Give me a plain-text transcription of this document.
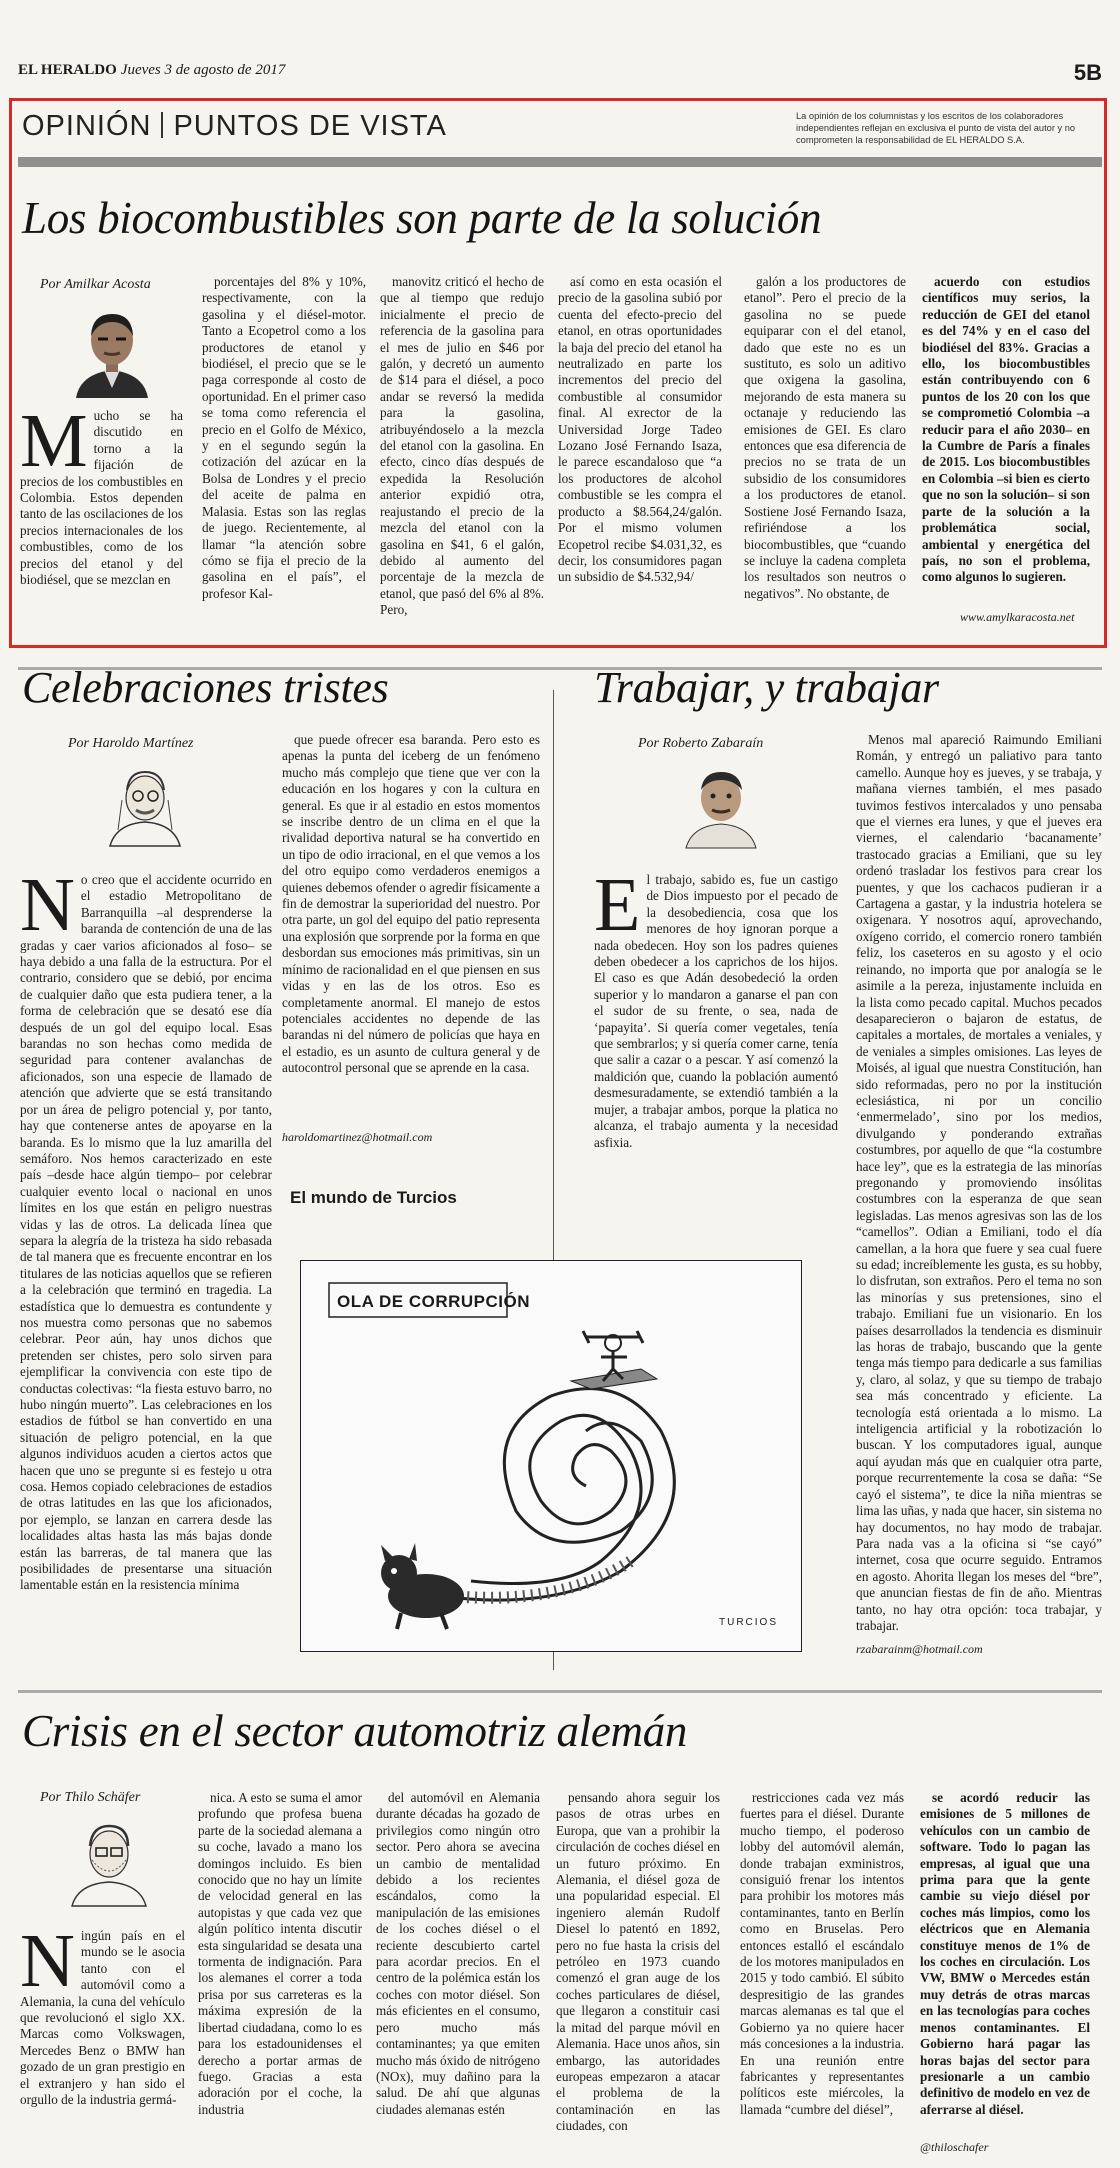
EL HERALDO Jueves 3 de agosto de 2017	5B
OPINIÓN PUNTOS DE VISTA	La opinión de los columnistas y los escritos de los colaboradores independientes reflejan en exclusiva el punto de vista del autor y no comprometen la responsabilidad de EL HERALDO S.A.
Los biocombustibles son parte de la solución
Por Amilkar Acosta

Mucho se ha discutido en torno a la fijación de precios de los combustibles en Colombia. Estos dependen tanto de las oscilaciones de los precios internacionales de los combustibles, como de los precios del etanol y del biodiésel, que se mezclan en

porcentajes del 8% y 10%, respectivamente, con la gasolina y el diésel-motor. Tanto a Ecopetrol como a los productores de etanol y biodiésel, el precio que se le paga corresponde al costo de oportunidad. En el primer caso se toma como referencia el precio en el Golfo de México, y en el segundo según la cotización del azúcar en la Bolsa de Londres y el precio del aceite de palma en Malasia. Estas son las reglas de juego. Recientemente, al llamar “la atención sobre cómo se fija el precio de la gasolina en el país”, el profesor Kal-

manovitz criticó el hecho de que al tiempo que redujo inicialmente el precio de referencia de la gasolina para el mes de julio en $46 por galón, y decretó un aumento de $14 para el diésel, a poco andar se reversó la medida para la gasolina, atribuyéndoselo a la mezcla del etanol con la gasolina. En efecto, cinco días después de expedida la Resolución anterior expidió otra, reajustando el precio de la mezcla del etanol con la gasolina en $41, 6 el galón, debido al aumento del porcentaje de la mezcla de etanol, que pasó del 6% al 8%. Pero,

así como en esta ocasión el precio de la gasolina subió por cuenta del efecto-precio del etanol, en otras oportunidades la baja del precio del etanol ha neutralizado en parte los incrementos del precio del combustible al consumidor final. Al exrector de la Universidad Jorge Tadeo Lozano José Fernando Isaza, le parece escandaloso que “a los productores de alcohol combustible se les compra el producto a $8.564,24/galón. Por el mismo volumen Ecopetrol recibe $4.031,32, es decir, los consumidores pagan un subsidio de $4.532,94/

galón a los productores de etanol”. Pero el precio de la gasolina no se puede equiparar con el del etanol, dado que este no es un sustituto, es solo un aditivo que oxigena la gasolina, mejorando de esta manera su octanaje y reduciendo las emisiones de GEI. Es claro entonces que esa diferencia de precios no se trata de un subsidio de los consumidores a los productores de etanol. Sostiene José Fernando Isaza, refiriéndose a los biocombustibles, que “cuando se incluye la cadena completa los resultados son neutros o negativos”. No obstante, de

acuerdo con estudios científicos muy serios, la reducción de GEI del etanol es del 74% y en el caso del biodiésel del 83%. Gracias a ello, los biocombustibles están contribuyendo con 6 puntos de los 20 con los que se comprometió Colombia –a reducir para el año 2030– en la Cumbre de París a finales de 2015. Los biocombustibles en Colombia –si bien es cierto que no son la solución– si son parte de la solución a la problemática social, ambiental y energética del país, no son el problema, como algunos lo sugieren.

www.amylkaracosta.net
Celebraciones tristes
Por Haroldo Martínez

No creo que el accidente ocurrido en el estadio Metropolitano de Barranquilla –al desprenderse la baranda de contención de una de las gradas y caer varios aficionados al foso– se haya debido a una falla de la estructura. Por el contrario, considero que se debió, por encima de cualquier daño que esta pudiera tener, a la forma de celebración que se desató ese día después de un gol del equipo local. Esas barandas no son hechas como medida de seguridad para contener avalanchas de aficionados, son una especie de llamado de atención que advierte que se está transitando por un área de peligro potencial y, por tanto, hay que contenerse antes de apoyarse en la baranda. Es lo mismo que la luz amarilla del semáforo. Nos hemos caracterizado en este país –desde hace algún tiempo– por celebrar cualquier evento local o nacional en unos límites en los que están en peligro nuestras vidas y las de otros. La delicada línea que separa la alegría de la tristeza ha sido rebasada de tal manera que es frecuente encontrar en los titulares de las noticias aquellos que se refieren a la celebración que terminó en tragedia. La estadística que lo demuestra es contundente y nos muestra como personas que no sabemos celebrar. Peor aún, hay unos dichos que pretenden ser chistes, pero solo sirven para ejemplificar la convivencia con este tipo de conductas colectivas: “la fiesta estuvo barro, no hubo ningún muerto”. Las celebraciones en los estadios de fútbol se han convertido en una situación de peligro potencial, en la que algunos individuos acuden a ciertos actos que hacen que uno se pregunte si es festejo u otra cosa. Hemos copiado celebraciones de estadios de otras latitudes en las que los aficionados, por ejemplo, se lanzan en carrera desde las localidades altas hasta las más bajas donde están las barreras, de tal manera que las posibilidades de presentarse una situación lamentable están en la resistencia mínima

que puede ofrecer esa baranda. Pero esto es apenas la punta del iceberg de un fenómeno mucho más complejo que tiene que ver con la educación en los hogares y con la cultura en general. Es que ir al estadio en estos momentos se inscribe dentro de un clima en el que la rivalidad deportiva natural se ha convertido en un tipo de odio irracional, en el que vemos a los del otro equipo como verdaderos enemigos a quienes debemos ofender o agredir físicamente a fin de demostrar la superioridad del nuestro. Por otra parte, un gol del equipo del patio representa una explosión que sorprende por la forma en que desbordan sus emociones más primitivas, sin un mínimo de racionalidad en el que piensen en sus vidas y en las de los otros. Eso es completamente anormal. El manejo de estos potenciales accidentes no depende de las barandas ni del número de policías que haya en el estadio, es un asunto de cultura general y de autocontrol personal que se aprende en la casa.

haroldomartinez@hotmail.com
El mundo de Turcios
OLA DE CORRUPCIÓN
TURCIOS
Trabajar, y trabajar
Por Roberto Zabaraín

El trabajo, sabido es, fue un castigo de Dios impuesto por el pecado de la desobediencia, cosa que los menores de hoy ignoran porque a nada obedecen. Hoy son los padres quienes deben obedecer a los caprichos de los hijos. El caso es que Adán desobedeció la orden superior y lo mandaron a ganarse el pan con el sudor de su frente, o sea, nada de ‘papayita’. Si quería comer vegetales, tenía que sembrarlos; y si quería comer carne, tenía que salir a cazar o a pescar. Y así comenzó la maldición que, cuando la población aumentó desmesuradamente, se extendió también a la mujer, a trabajar ambos, porque la platica no alcanza, el trabajo aumenta y la necesidad asfixia.

Menos mal apareció Raimundo Emiliani Román, y entregó un paliativo para tanto camello. Aunque hoy es jueves, y se trabaja, y mañana viernes también, el mes pasado tuvimos festivos intercalados y uno pensaba que el viernes era lunes, y que el jueves era viernes, el calendario ‘bacanamente’ trastocado gracias a Emiliani, que su ley ordenó trasladar los festivos para crear los puentes, y que los cachacos pudieran ir a Cartagena a gastar, y la industria hotelera se oxigenara. Y nosotros aquí, aprovechando, oxígeno corrido, el comercio ronero también feliz, los caseteros en su agosto y el ocio reinando, no importa que por analogía se le asimile a la pereza, injustamente incluida en la lista como pecado capital. Muchos pecados desaparecieron o bajaron de estatus, de capitales a mortales, de mortales a veniales, y de veniales a simples omisiones. Las leyes de Moisés, al igual que nuestra Constitución, han sido reformadas, pero no por la institución eclesiástica, ni por un concilio ‘enmermelado’, sino por los medios, divulgando y ponderando extrañas costumbres, por aquello de que “la costumbre hace ley”, que es la estrategia de las minorías pregonando y promoviendo insólitas costumbres con la esperanza de que sean legisladas. Las menos agresivas son las de los “camellos”. Odian a Emiliani, todo el día camellan, a la hora que fuere y sea cual fuere su edad; increíblemente les gusta, es su hobby, lo disfrutan, son extraños. Pero el tema no son las minorías y sus pretensiones, sino el trabajo. Emiliani fue un visionario. En los países desarrollados la tendencia es disminuir las horas de trabajo, buscando que la gente tenga más tiempo para dedicarle a sus familias y, claro, al solaz, y que su tiempo de trabajo sea más concentrado y eficiente. La tecnología está orientada a lo mismo. La inteligencia artificial y la robotización lo buscan. Y los computadores igual, aunque aquí ayudan más que en cualquier otra parte, porque recurrentemente la cosa se daña: “Se cayó el sistema”, te dice la niña mientras se lima las uñas, y nada que hacer, sin sistema no hay documentos, no hay modo de trabajar. Para nada vas a la oficina si “se cayó” internet, cosa que ocurre seguido. Entramos en agosto. Ahorita llegan los meses del “bre”, que anuncian fiestas de fin de año. Mientras tanto, no hay otra opción: toca trabajar, y trabajar.

rzabarainm@hotmail.com
Crisis en el sector automotriz alemán
Por Thilo Schäfer

Ningún país en el mundo se le asocia tanto con el automóvil como a Alemania, la cuna del vehículo que revolucionó el siglo XX. Marcas como Volkswagen, Mercedes Benz o BMW han gozado de un gran prestigio en el extranjero y han sido el orgullo de la industria germá-

nica. A esto se suma el amor profundo que profesa buena parte de la sociedad alemana a su coche, lavado a mano los domingos incluido. Es bien conocido que no hay un límite de velocidad general en las autopistas y que cada vez que algún político intenta discutir esta singularidad se desata una tormenta de indignación. Para los alemanes el correr a toda prisa por sus carreteras es la máxima expresión de la libertad ciudadana, como lo es para los estadounidenses el derecho a portar armas de fuego. Gracias a esta adoración por el coche, la industria

del automóvil en Alemania durante décadas ha gozado de privilegios como ningún otro sector. Pero ahora se avecina un cambio de mentalidad debido a los recientes escándalos, como la manipulación de las emisiones de los coches diésel o el reciente descubierto cartel para acordar precios. En el centro de la polémica están los coches con motor diésel. Son más eficientes en el consumo, pero mucho más contaminantes; ya que emiten mucho más óxido de nitrógeno (NOx), muy dañino para la salud. De ahí que algunas ciudades alemanas estén

pensando ahora seguir los pasos de otras urbes en Europa, que van a prohibir la circulación de coches diésel en un futuro próximo. En Alemania, el diésel goza de una popularidad especial. El ingeniero alemán Rudolf Diesel lo patentó en 1892, pero no fue hasta la crisis del petróleo en 1973 cuando comenzó el gran auge de los coches particulares de diésel, que llegaron a constituir casi la mitad del parque móvil en Alemania. Hace unos años, sin embargo, las autoridades europeas empezaron a atacar el problema de la contaminación en las ciudades, con

restricciones cada vez más fuertes para el diésel. Durante mucho tiempo, el poderoso lobby del automóvil alemán, donde trabajan exministros, consiguió frenar los intentos para prohibir los motores más contaminantes, tanto en Berlín como en Bruselas. Pero entonces estalló el escándalo de los motores manipulados en 2015 y todo cambió. El súbito despresitigio de las grandes marcas alemanas es tal que el Gobierno ya no quiere hacer más concesiones a la industria. En una reunión entre fabricantes y representantes políticos este miércoles, la llamada “cumbre del diésel”,

se acordó reducir las emisiones de 5 millones de vehículos con un cambio de software. Todo lo pagan las empresas, al igual que una prima para que la gente cambie su viejo diésel por coches más limpios, como los eléctricos que en Alemania constituye menos de 1% de los coches en circulación. Los VW, BMW o Mercedes están muy detrás de otras marcas en las tecnologías para coches menos contaminantes. El Gobierno hará pagar las horas bajas del sector para presionarle a un cambio definitivo de modelo en vez de aferrarse al diésel.

@thiloschafer
